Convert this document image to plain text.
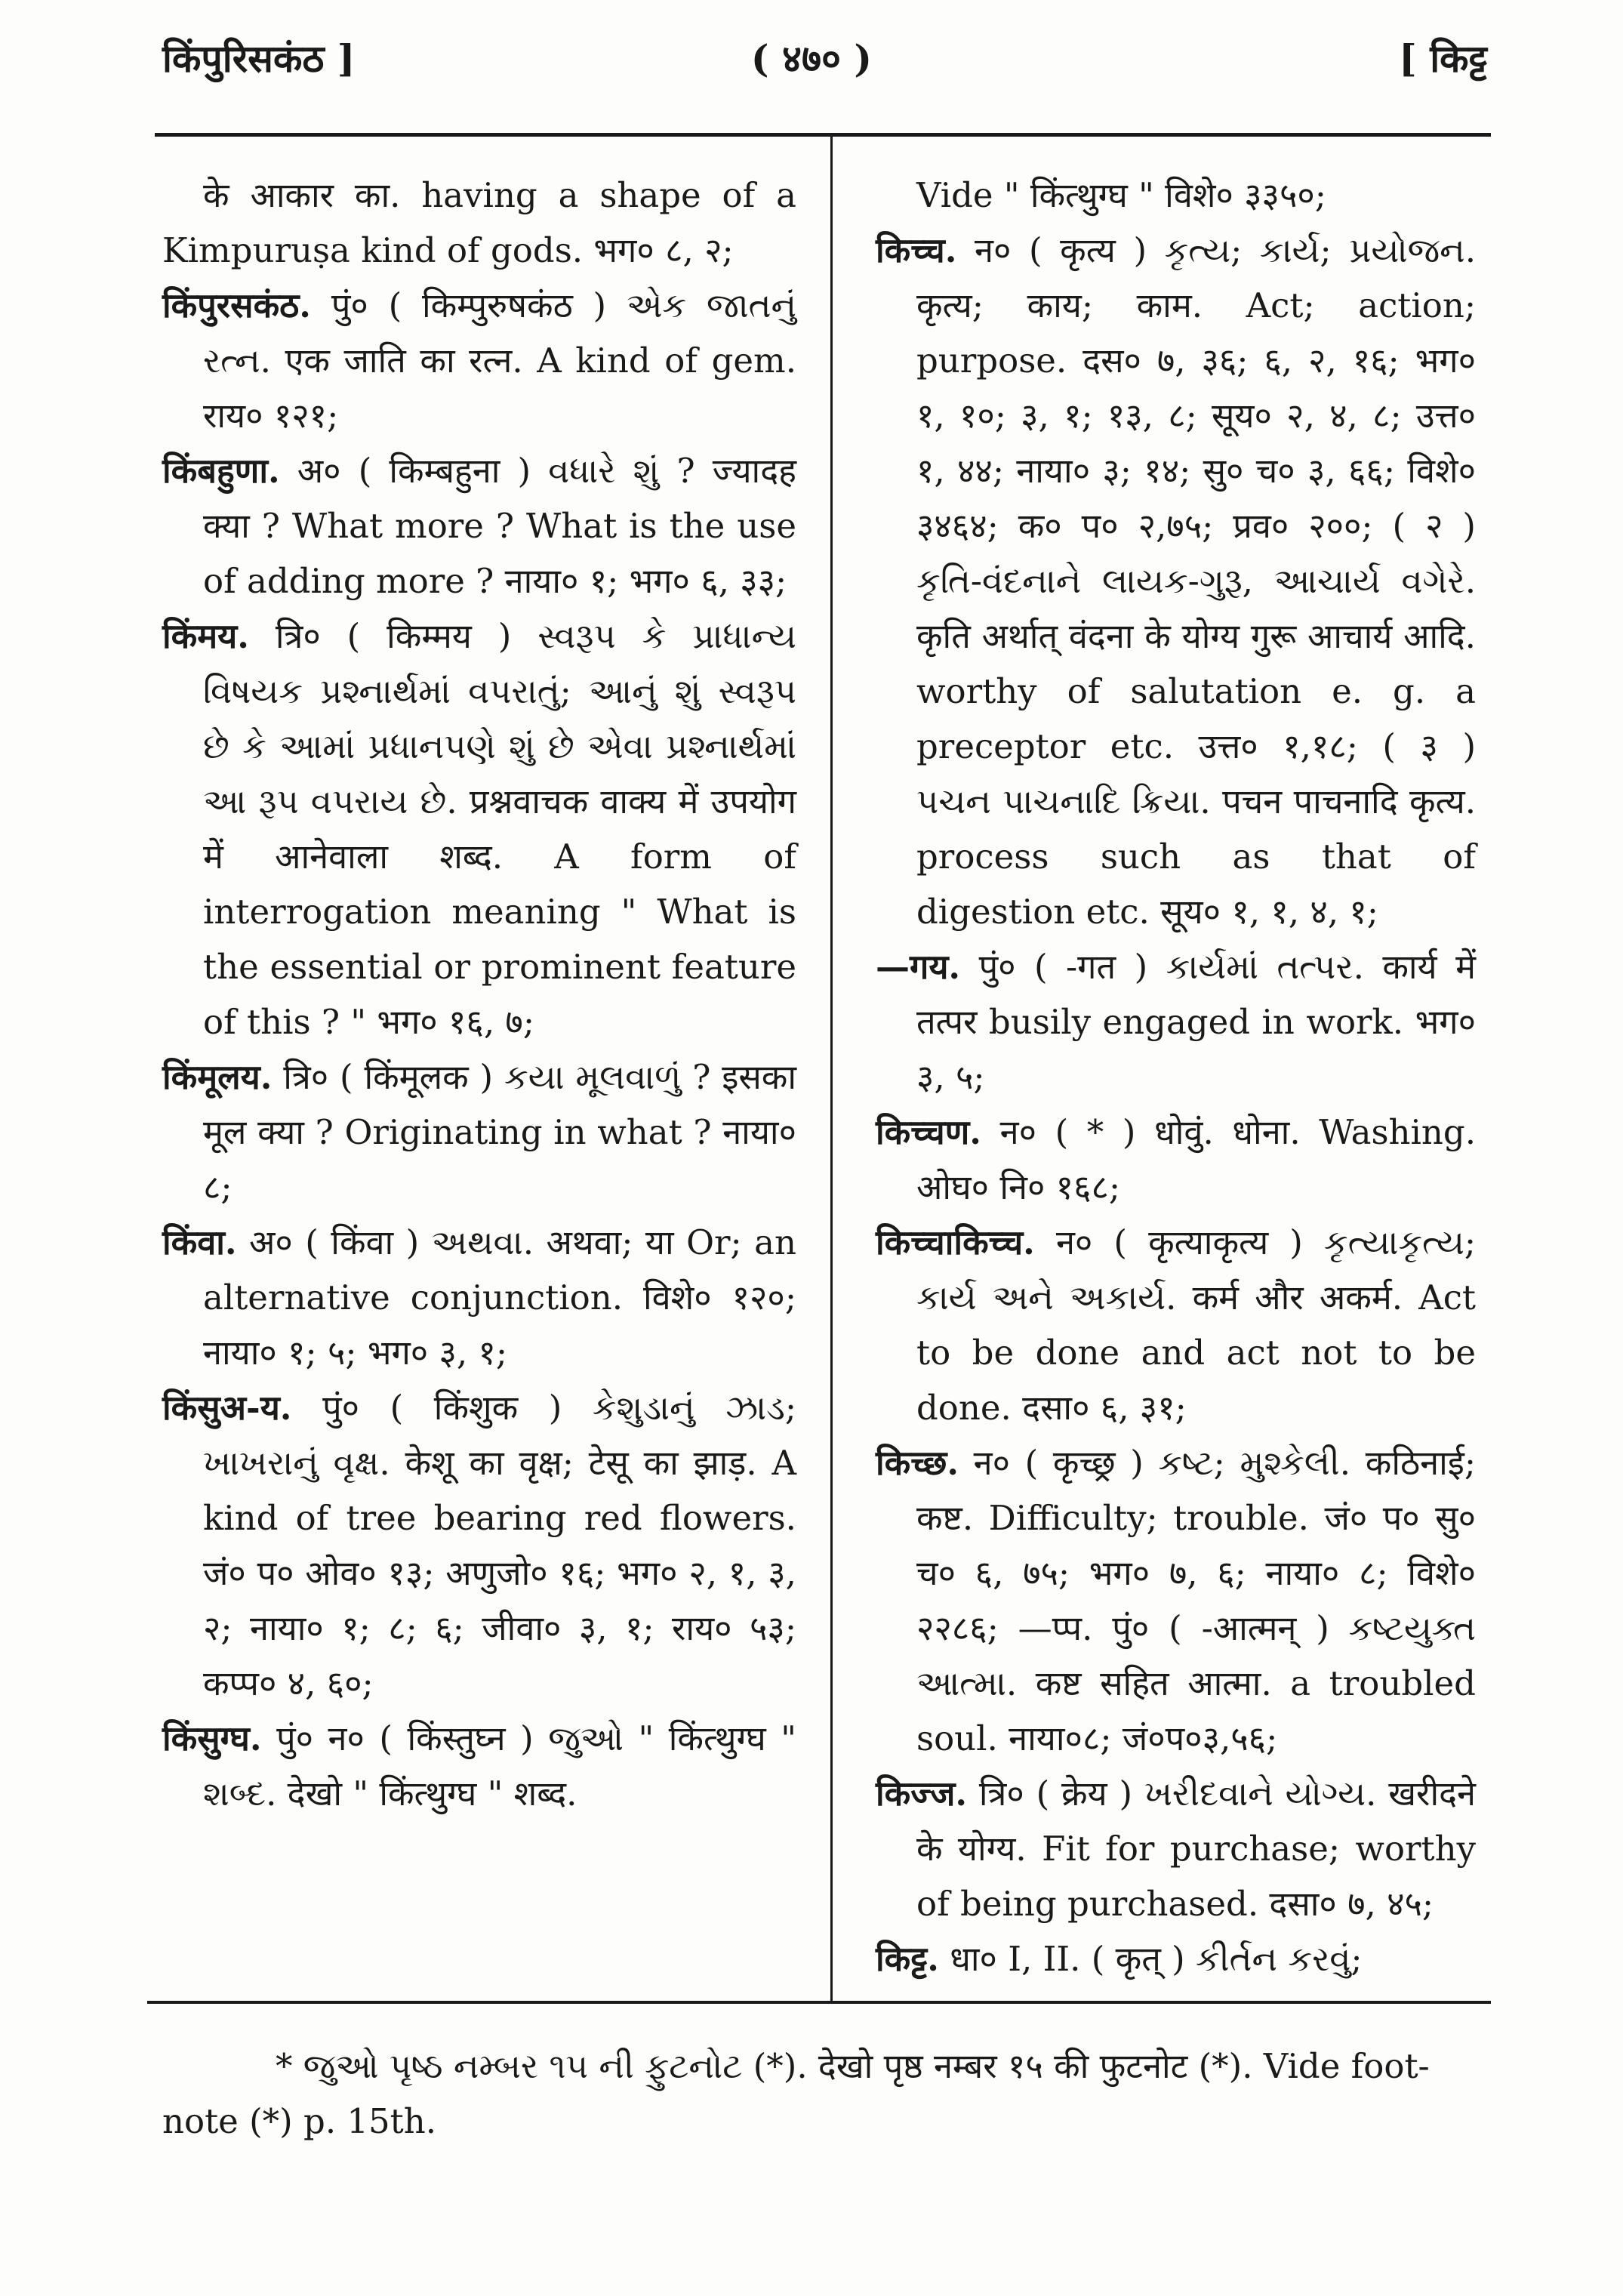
किंपुरिसकंठ ]	( ४७० )	[ किट्ट

के आकार का. having a shape of a Kimpuruṣa kind of gods. भग० ८, २;

किंपुरसकंठ. पुं० ( किम्पुरुषकंठ ) એક જાતનું રત્ન. एक जाति का रत्न. A kind of gem. राय० १२१;

किंबहुणा. अ० ( किम्बहुना ) વધારે શું ? ज्यादह क्या ? What more ? What is the use of adding more ? नाया० १; भग० ६, ३३;

किंमय. त्रि० ( किम्मय ) સ્વરૂપ કે પ્રાધાન્ય વિષયક પ્રશ્નાર્થમાં વપરાતું; આનું શું સ્વરૂપ છે કે આમાં પ્રધાનપણે શું છે એવા પ્રશ્નાર્થમાં આ રૂપ વપરાય છે. प्रश्नवाचक वाक्य में उपयोग में आनेवाला शब्द. A form of interrogation meaning " What is the essential or prominent feature of this ? " भग० १६, ७;

किंमूलय. त्रि० ( किंमूलक ) કયા મૂલવાળું ? इसका मूल क्या ? Originating in what ? नाया० ८;

किंवा. अ० ( किंवा ) અથવા. अथवा; या Or; an alternative conjunction. विशे० १२०; नाया० १; ५; भग० ३, १;

किंसुअ-य. पुं० ( किंशुक ) કેશુડાનું ઝાડ; ખાખરાનું વૃક્ષ. केशू का वृक्ष; टेसू का झाड़. A kind of tree bearing red flowers. जं० प० ओव० १३; अणुजो० १६; भग० २, १, ३, २; नाया० १; ८; ६; जीवा० ३, १; राय० ५३; कप्प० ४, ६०;

किंसुग्घ. पुं० न० ( किंस्तुघ्न ) જુઓ " किंत्थुग्घ " શબ્દ. देखो " किंत्थुग्घ " शब्द.

Vide " किंत्थुग्घ " विशे० ३३५०;

किच्च. न० ( कृत्य ) કૃત્ય; કાર્ય; પ્રયોજન. कृत्य; काय; काम. Act; action; purpose. दस० ७, ३६; ६, २, १६; भग० १, १०; ३, १; १३, ८; सूय० २, ४, ८; उत्त० १, ४४; नाया० ३; १४; सु० च० ३, ६६; विशे० ३४६४; क० प० २,७५; प्रव० २००; ( २ ) કૃતિ-વંદનાને લાયક-ગુરૂ, આચાર્ય વગેરે. कृति अर्थात् वंदना के योग्य गुरू आचार्य आदि. worthy of salutation e. g. a preceptor etc. उत्त० १,१८; ( ३ ) પચન પાચનાદિ ક્રિયા. पचन पाचनादि कृत्य. process such as that of digestion etc. सूय० १, १, ४, १;

—गय. पुं० ( -गत ) કાર્યમાં તત્પર. कार्य में तत्पर busily engaged in work. भग० ३, ५;

किच्चण. न० ( * ) धोवुं. धोना. Washing. ओघ० नि० १६८;

किच्चाकिच्च. न० ( कृत्याकृत्य ) કૃત્યાકૃત્ય; કાર્ય અને અકાર્ય. कर्म और अकर्म. Act to be done and act not to be done. दसा० ६, ३१;

किच्छ. न० ( कृच्छ्र ) કષ્ટ; મુશ્કેલી. कठिनाई; कष्ट. Difficulty; trouble. जं० प० सु० च० ६, ७५; भग० ७, ६; नाया० ८; विशे० २२८६; —प्प. पुं० ( -आत्मन् ) કષ્ટયુક્ત આત્મા. कष्ट सहित आत्मा. a troubled soul. नाया०८; जं०प०३,५६;

किज्ज. त्रि० ( क्रेय ) ખરીદવાને યોગ્ય. खरीदने के योग्य. Fit for purchase; worthy of being purchased. दसा० ७, ४५;

किट्ट. धा० I, II. ( कृत् ) કીર્તન કરવું;

* જુઓ પૃષ્ઠ નમ્બર ૧૫ ની ફુટનોટ (*). देखो पृष्ठ नम्बर १५ की फुटनोट (*). Vide foot-note (*) p. 15th.
